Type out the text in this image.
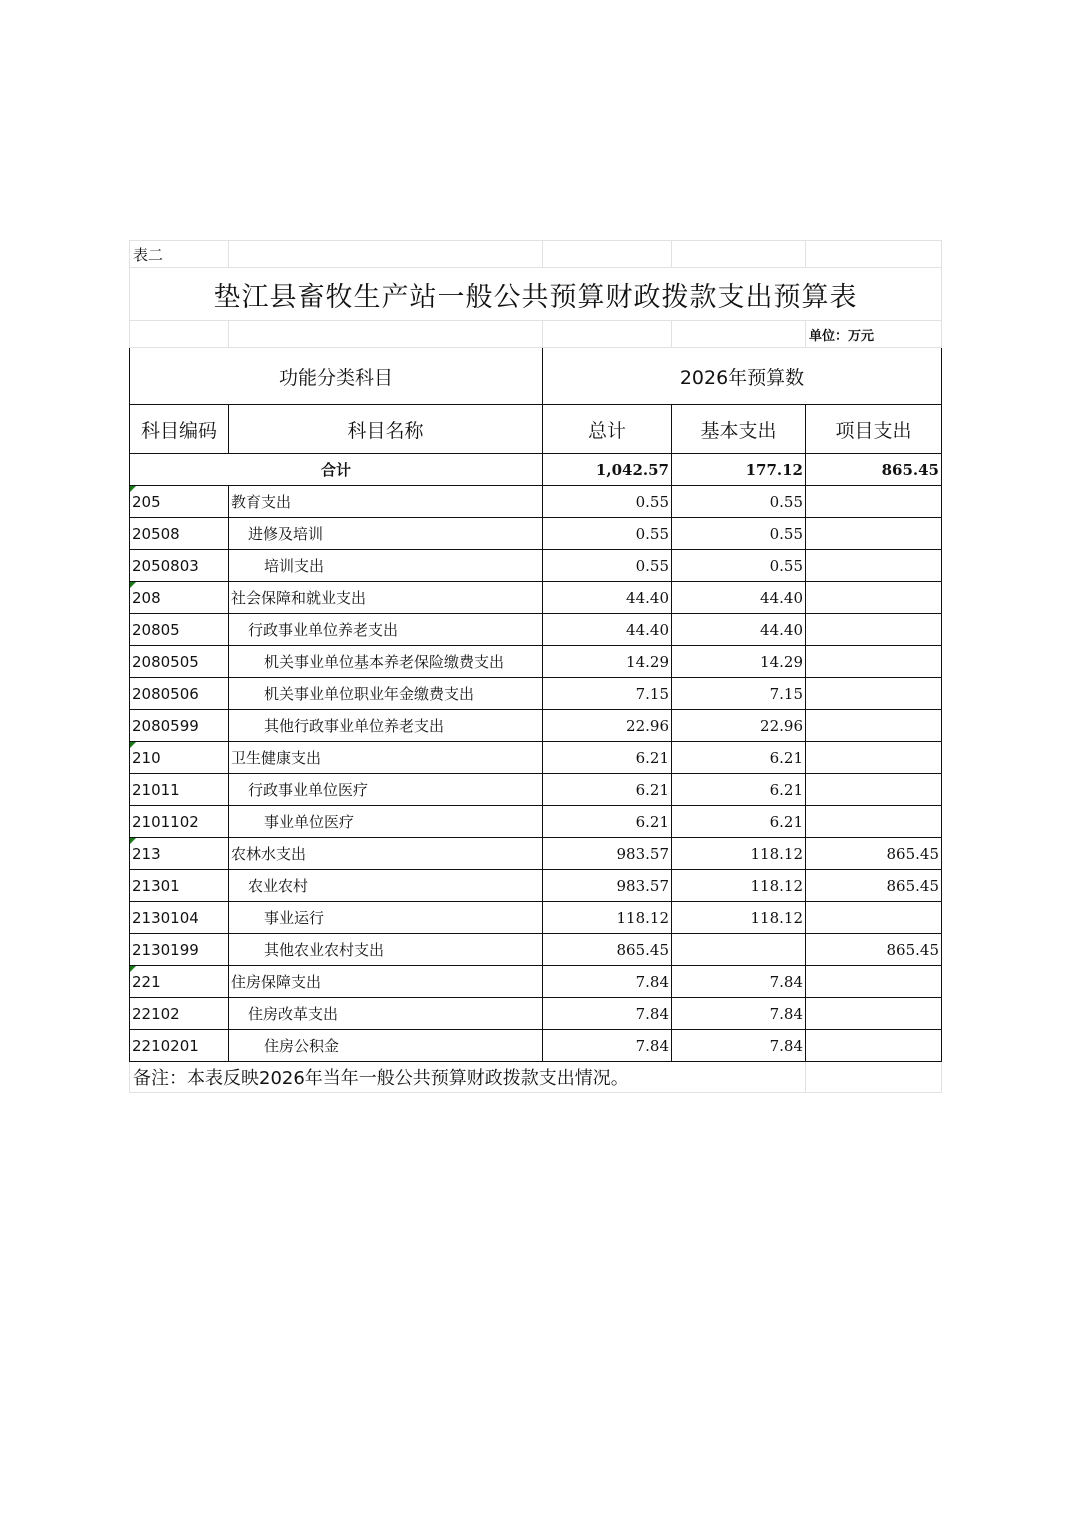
表二				
垫江县畜牧生产站一般公共预算财政拨款支出预算表				
				单位：万元
功能分类科目		2026年预算数		
科目编码	科目名称	总计	基本支出	项目支出
合计		1,042.57	177.12	865.45
205	教育支出	0.55	0.55	
20508	进修及培训	0.55	0.55	
2050803	培训支出	0.55	0.55	
208	社会保障和就业支出	44.40	44.40	
20805	行政事业单位养老支出	44.40	44.40	
2080505	机关事业单位基本养老保险缴费支出	14.29	14.29	
2080506	机关事业单位职业年金缴费支出	7.15	7.15	
2080599	其他行政事业单位养老支出	22.96	22.96	
210	卫生健康支出	6.21	6.21	
21011	行政事业单位医疗	6.21	6.21	
2101102	事业单位医疗	6.21	6.21	
213	农林水支出	983.57	118.12	865.45
21301	农业农村	983.57	118.12	865.45
2130104	事业运行	118.12	118.12	
2130199	其他农业农村支出	865.45		865.45
221	住房保障支出	7.84	7.84	
22102	住房改革支出	7.84	7.84	
2210201	住房公积金	7.84	7.84	
备注：本表反映2026年当年一般公共预算财政拨款支出情况。				
